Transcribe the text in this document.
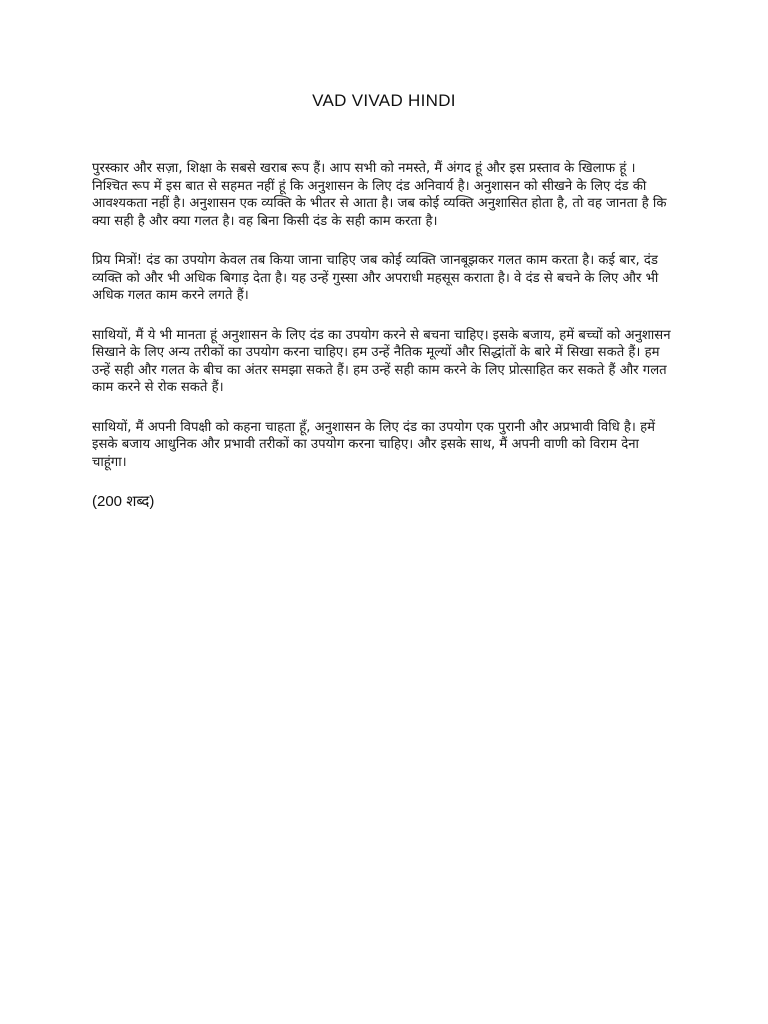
VAD VIVAD HINDI

पुरस्कार और सज़ा, शिक्षा के सबसे खराब रूप हैं। आप सभी को नमस्ते, मैं अंगद हूं और इस प्रस्ताव के खिलाफ हूं । निश्चित रूप में इस बात से सहमत नहीं हूं कि अनुशासन के लिए दंड अनिवार्य है। अनुशासन को सीखने के लिए दंड की आवश्यकता नहीं है। अनुशासन एक व्यक्ति के भीतर से आता है। जब कोई व्यक्ति अनुशासित होता है, तो वह जानता है कि क्या सही है और क्या गलत है। वह बिना किसी दंड के सही काम करता है।

प्रिय मित्रों! दंड का उपयोग केवल तब किया जाना चाहिए जब कोई व्यक्ति जानबूझकर गलत काम करता है। कई बार, दंड व्यक्ति को और भी अधिक बिगाड़ देता है। यह उन्हें गुस्सा और अपराधी महसूस कराता है। वे दंड से बचने के लिए और भी अधिक गलत काम करने लगते हैं।

साथियों, मैं ये भी मानता हूं अनुशासन के लिए दंड का उपयोग करने से बचना चाहिए। इसके बजाय, हमें बच्चों को अनुशासन सिखाने के लिए अन्य तरीकों का उपयोग करना चाहिए। हम उन्हें नैतिक मूल्यों और सिद्धांतों के बारे में सिखा सकते हैं। हम उन्हें सही और गलत के बीच का अंतर समझा सकते हैं। हम उन्हें सही काम करने के लिए प्रोत्साहित कर सकते हैं और गलत काम करने से रोक सकते हैं।

साथियों, मैं अपनी विपक्षी को कहना चाहता हूँ, अनुशासन के लिए दंड का उपयोग एक पुरानी और अप्रभावी विधि है। हमें इसके बजाय आधुनिक और प्रभावी तरीकों का उपयोग करना चाहिए। और इसके साथ, मैं अपनी वाणी को विराम देना चाहूंगा।

(200 शब्द)
